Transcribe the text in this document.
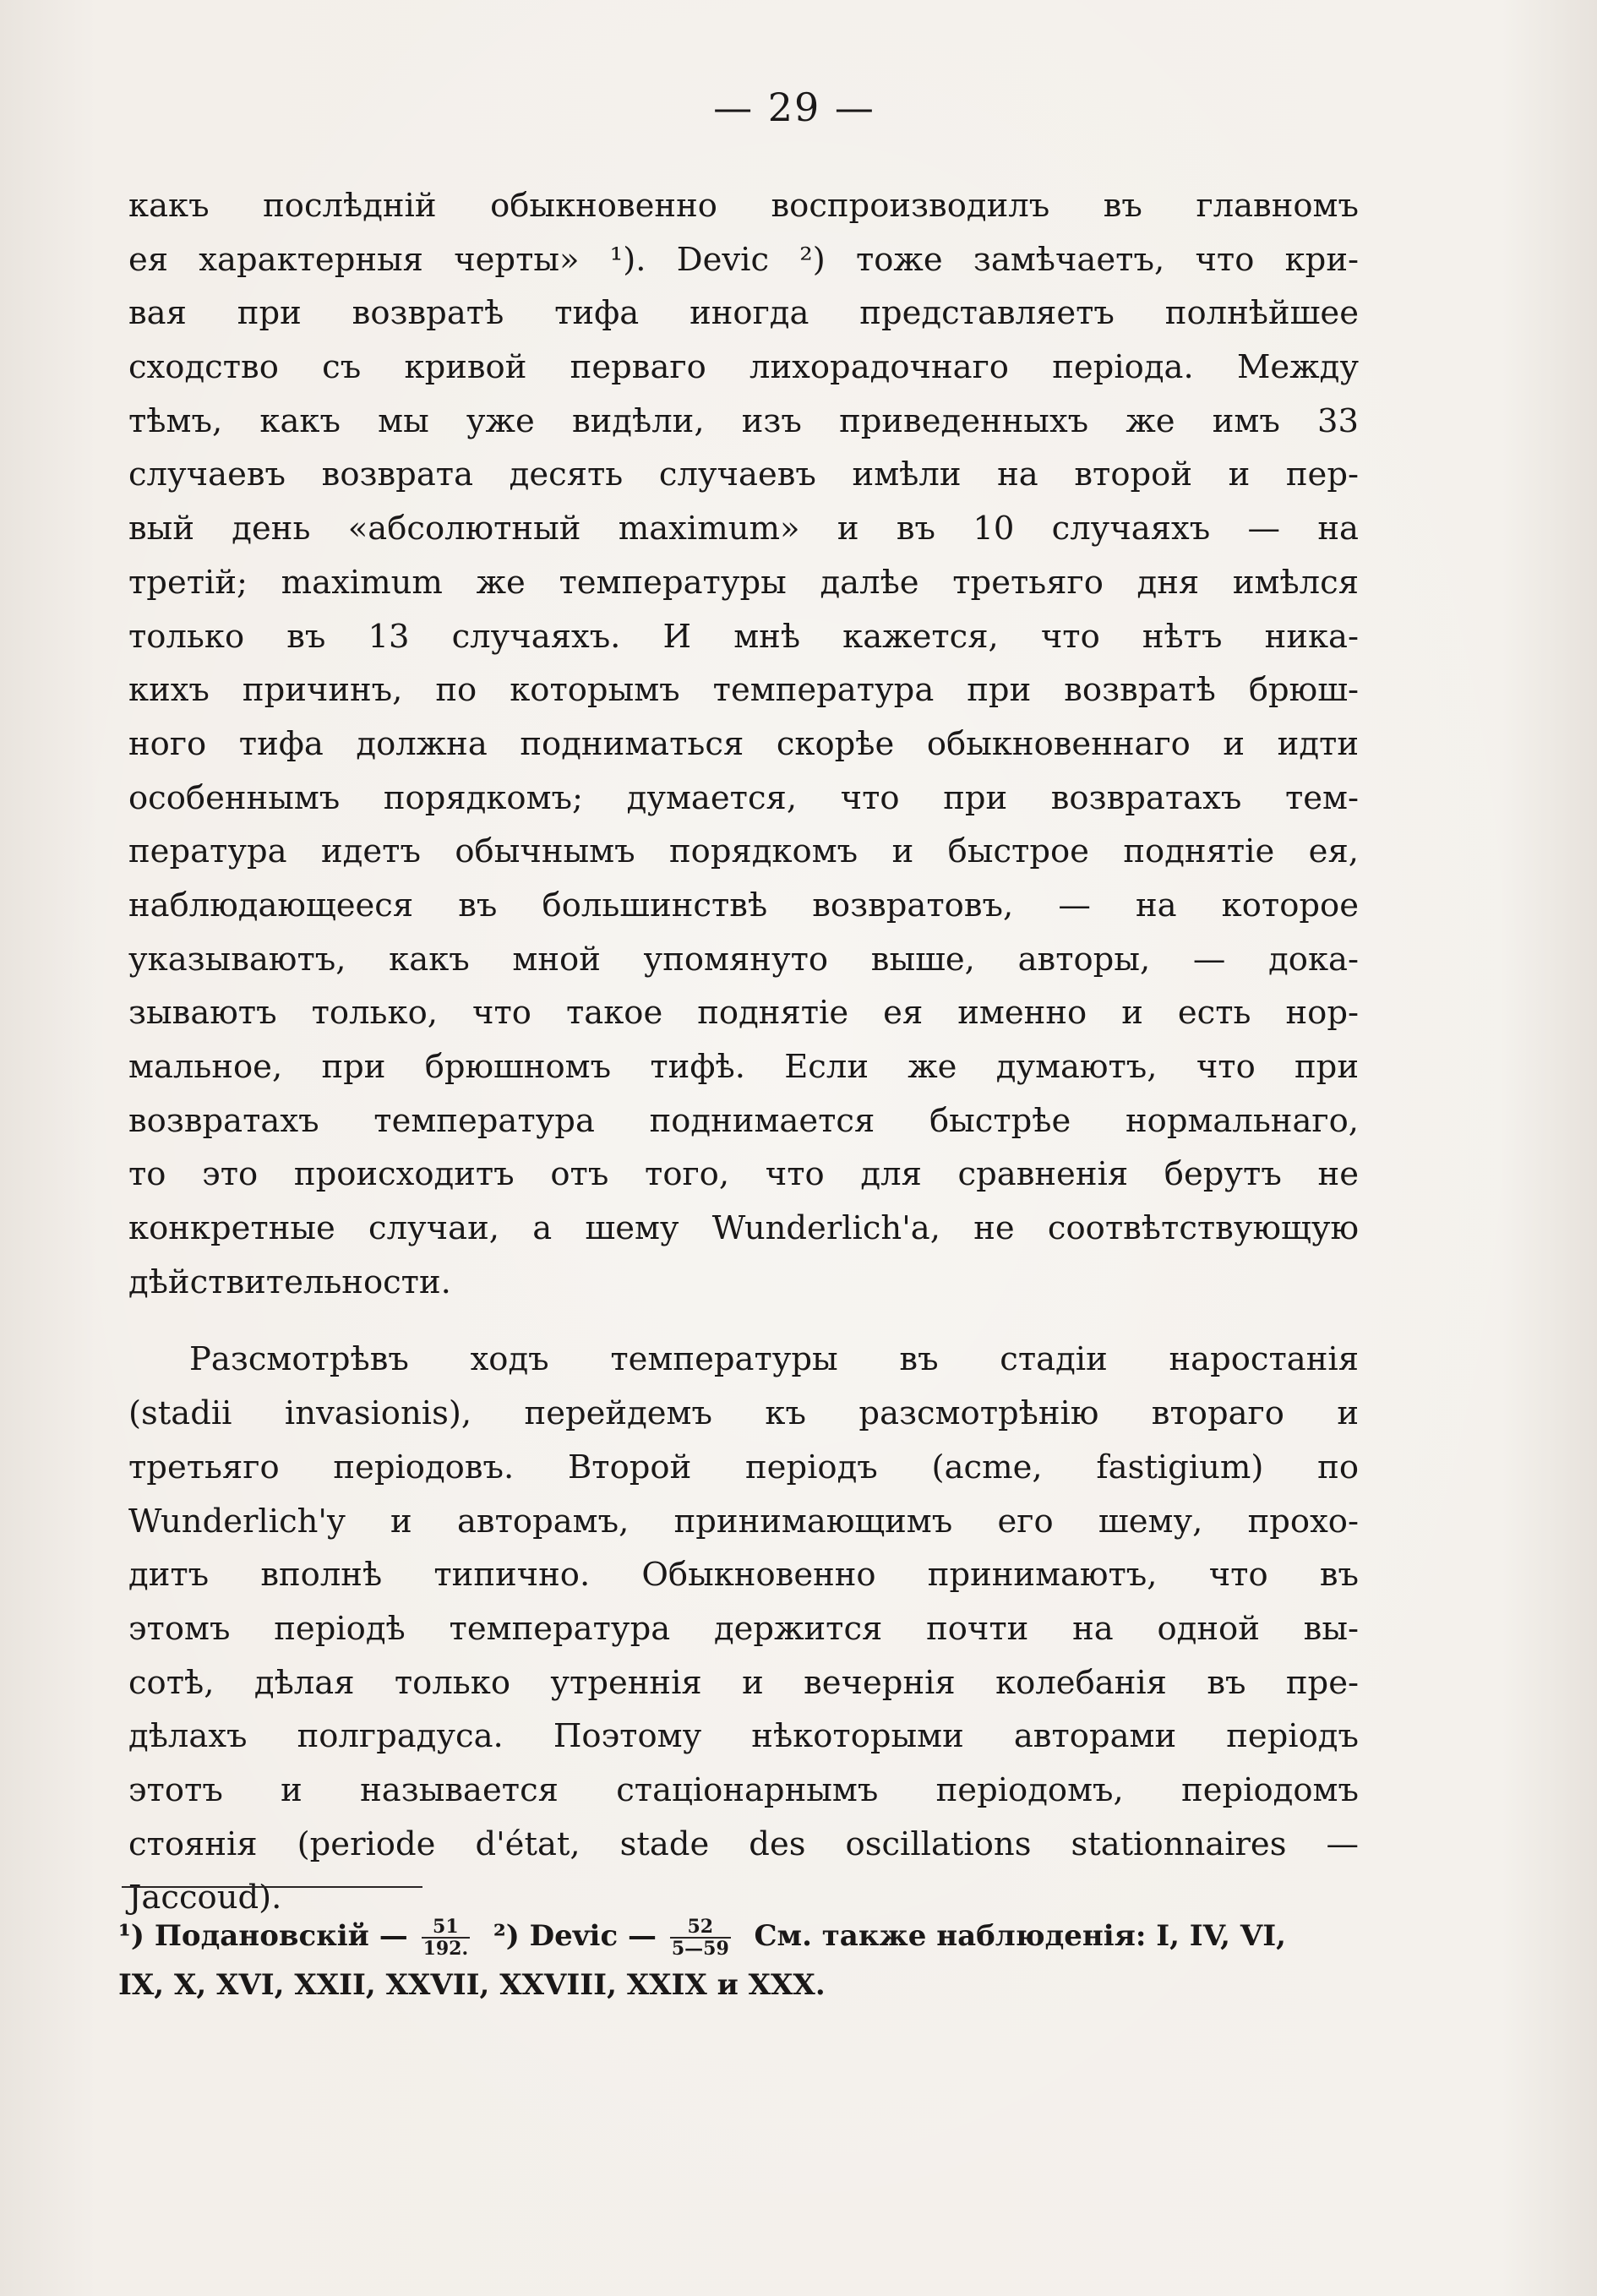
— 29 —
какъ послѣдній обыкновенно воспроизводилъ въ главномъ
ея характерныя черты» ¹). Devic ²) тоже замѣчаетъ, что кри-
вая при возвратѣ тифа иногда представляетъ полнѣйшее
сходство съ кривой перваго лихорадочнаго періода. Между
тѣмъ, какъ мы уже видѣли, изъ приведенныхъ же имъ 33
случаевъ возврата десять случаевъ имѣли на второй и пер-
вый день «абсолютный maximum» и въ 10 случаяхъ — на
третій; maximum же температуры далѣе третьяго дня имѣлся
только въ 13 случаяхъ. И мнѣ кажется, что нѣтъ ника-
кихъ причинъ, по которымъ температура при возвратѣ брюш-
ного тифа должна подниматься скорѣе обыкновеннаго и идти
особеннымъ порядкомъ; думается, что при возвратахъ тем-
пература идетъ обычнымъ порядкомъ и быстрое поднятіе ея,
наблюдающееся въ большинствѣ возвратовъ, — на которое
указываютъ, какъ мной упомянуто выше, авторы, — дока-
зываютъ только, что такое поднятіе ея именно и есть нор-
мальное, при брюшномъ тифѣ. Если же думаютъ, что при
возвратахъ температура поднимается быстрѣе нормальнаго,
то это происходитъ отъ того, что для сравненія берутъ не
конкретные случаи, а шему Wunderlich'a, не соотвѣтствующую
дѣйствительности.
Разсмотрѣвъ ходъ температуры въ стадіи наростанія
(stadii invasionis), перейдемъ къ разсмотрѣнію втораго и
третьяго періодовъ. Второй періодъ (acme, fastigium) по
Wunderlich'y и авторамъ, принимающимъ его шему, прохо-
дитъ вполнѣ типично. Обыкновенно принимаютъ, что въ
этомъ періодѣ температура держится почти на одной вы-
сотѣ, дѣлая только утреннія и вечернія колебанія въ пре-
дѣлахъ полградуса. Поэтому нѣкоторыми авторами періодъ
этотъ и называется стаціонарнымъ періодомъ, періодомъ
стоянія (periode d'état, stade des oscillations stationnaires —
Jaccoud).
¹) Подановскій — $\frac{51}{192.} ^2$) Devic — $\frac{52}{5—59}$ См. также наблюденія: I, IV, VI,
IX, X, XVI, XXII, XXVII, XXVIII, XXIX и XXX.
